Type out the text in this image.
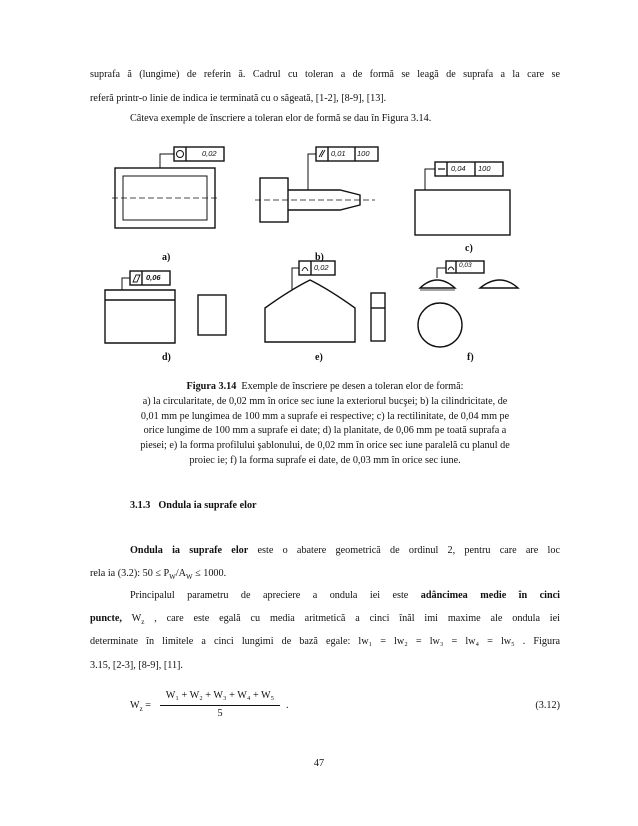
suprafa ă (lungime) de referin ă. Cadrul cu toleran a de formă se leagă de suprafa a la care se
referă printr-o linie de indica ie terminată cu o săgeată, [1-2], [8-9], [13].
Câteva exemple de înscriere a toleran elor de formă se dau în Figura 3.14.
0,02	0,01 100
0,04 100
0,06
0,02	0,03
a)	b)
c)
d)	e)	f)
Figura 3.14 Exemple de înscriere pe desen a toleran elor de formă:
a) la circularitate, de 0,02 mm în orice sec iune la exteriorul bucşei; b) la cilindricitate, de
0,01 mm pe lungimea de 100 mm a suprafe ei respective; c) la rectilinitate, de 0,04 mm pe
orice lungime de 100 mm a suprafe ei date; d) la planitate, de 0,06 mm pe toată suprafa a
piesei; e) la forma profilului şablonului, de 0,02 mm în orice sec iune paralelă cu planul de
proiec ie; f) la forma suprafe ei date, de 0,03 mm în orice sec iune.
3.1.3 Ondula ia suprafe elor
Ondula ia suprafe elor este o abatere geometrică de ordinul 2, pentru care are loc
rela ia (3.2): $50 \le P_W/A_W \le 1000$.
Principalul parametru de apreciere a ondula iei este adâncimea medie în cinci
puncte, $W_z$ , care este egală cu media aritmetică a cinci înăl imi maxime ale ondula iei
determinate în limitele a cinci lungimi de bază egale: lw₁ = lw₂ = lw₃ = lw₄ = lw₅ . Figura
3.15, [2-3], [8-9], [11].
$W_z$ =
W₁ + W₂ + W₃ + W₄ + W₅
5
.	(3.12)
47
